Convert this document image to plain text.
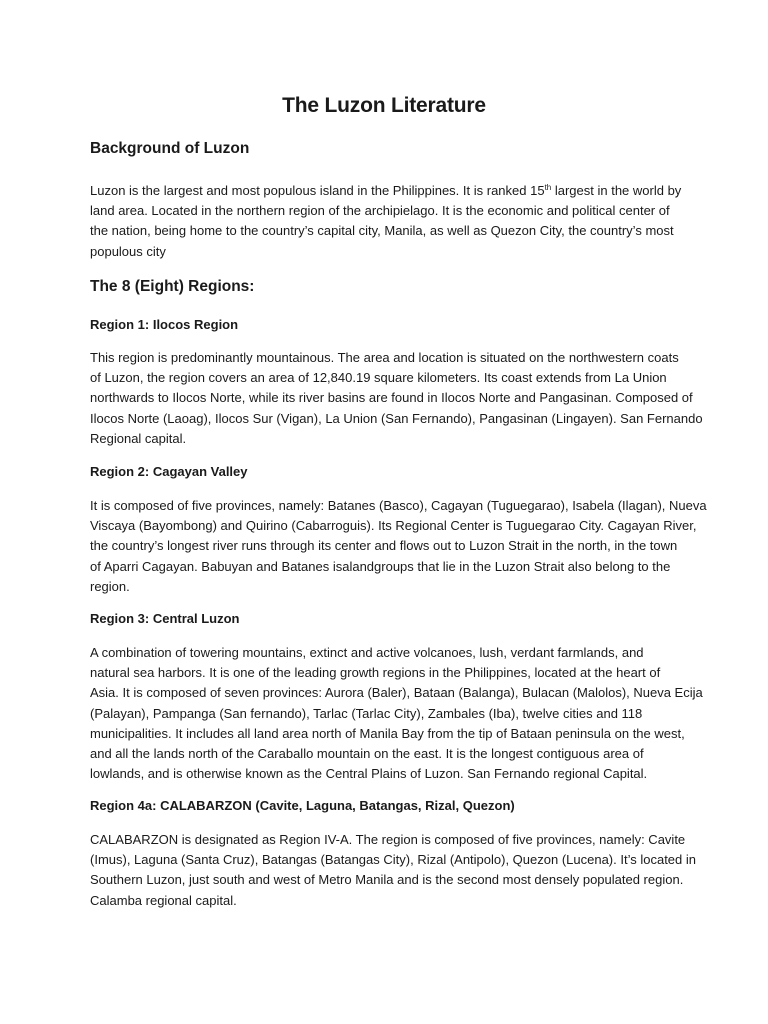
The Luzon Literature
Background of Luzon
Luzon is the largest and most populous island in the Philippines. It is ranked 15th largest in the world by
land area. Located in the northern region of the archipielago. It is the economic and political center of
the nation, being home to the country’s capital city, Manila, as well as Quezon City, the country’s most
populous city
The 8 (Eight) Regions:
Region 1: Ilocos Region
This region is predominantly mountainous. The area and location is situated on the northwestern coats
of Luzon, the region covers an area of 12,840.19 square kilometers. Its coast extends from La Union
northwards to Ilocos Norte, while its river basins are found in Ilocos Norte and Pangasinan. Composed of
Ilocos Norte (Laoag), Ilocos Sur (Vigan), La Union (San Fernando), Pangasinan (Lingayen). San Fernando
Regional capital.
Region 2: Cagayan Valley
It is composed of five provinces, namely: Batanes (Basco), Cagayan (Tuguegarao), Isabela (Ilagan), Nueva
Viscaya (Bayombong) and Quirino (Cabarroguis). Its Regional Center is Tuguegarao City. Cagayan River,
the country’s longest river runs through its center and flows out to Luzon Strait in the north, in the town
of Aparri Cagayan. Babuyan and Batanes isalandgroups that lie in the Luzon Strait also belong to the
region.
Region 3: Central Luzon
A combination of towering mountains, extinct and active volcanoes, lush, verdant farmlands, and
natural sea harbors. It is one of the leading growth regions in the Philippines, located at the heart of
Asia. It is composed of seven provinces: Aurora (Baler), Bataan (Balanga), Bulacan (Malolos), Nueva Ecija
(Palayan), Pampanga (San fernando), Tarlac (Tarlac City), Zambales (Iba), twelve cities and 118
municipalities. It includes all land area north of Manila Bay from the tip of Bataan peninsula on the west,
and all the lands north of the Caraballo mountain on the east. It is the longest contiguous area of
lowlands, and is otherwise known as the Central Plains of Luzon. San Fernando regional Capital.
Region 4a: CALABARZON (Cavite, Laguna, Batangas, Rizal, Quezon)
CALABARZON is designated as Region IV-A. The region is composed of five provinces, namely: Cavite
(Imus), Laguna (Santa Cruz), Batangas (Batangas City), Rizal (Antipolo), Quezon (Lucena). It’s located in
Southern Luzon, just south and west of Metro Manila and is the second most densely populated region.
Calamba regional capital.
